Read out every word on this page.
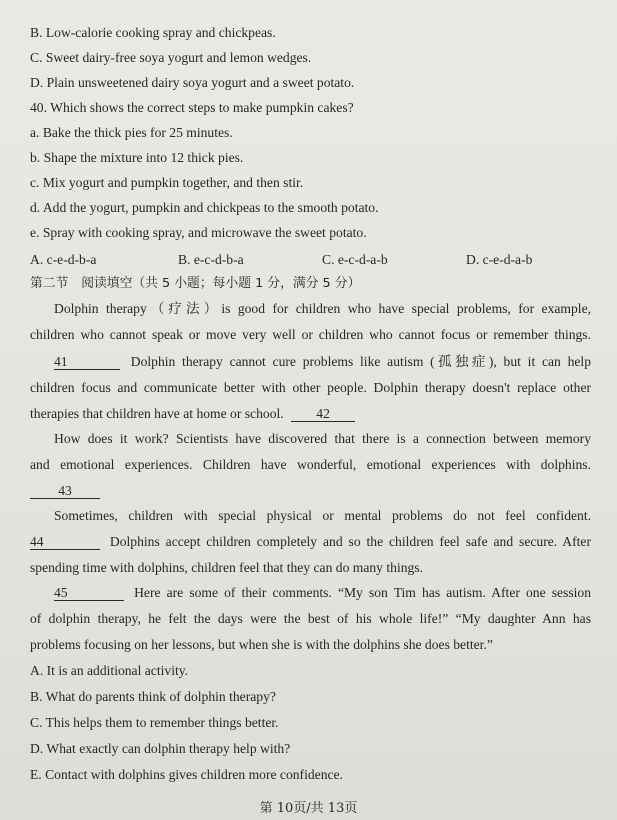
B. Low-calorie cooking spray and chickpeas.
C. Sweet dairy-free soya yogurt and lemon wedges.
D. Plain unsweetened dairy soya yogurt and a sweet potato.
40. Which shows the correct steps to make pumpkin cakes?
a. Bake the thick pies for 25 minutes.
b. Shape the mixture into 12 thick pies.
c. Mix yogurt and pumpkin together, and then stir.
d. Add the yogurt, pumpkin and chickpeas to the smooth potato.
e. Spray with cooking spray, and microwave the sweet potato.
A. c-e-d-b-a	B. e-c-d-b-a	C. e-c-d-a-b	D. c-e-d-a-b
第二节　阅读填空（共 5 小题；每小题 1 分，满分 5 分）
Dolphin therapy（疗法）is good for children who have special problems, for example,
children who cannot speak or move very well or children who cannot focus or remember things.
41	Dolphin therapy cannot cure problems like autism (孤独症), but it can help
children focus and communicate better with other people. Dolphin therapy doesn't replace other
therapies that children have at home or school. 42
How does it work? Scientists have discovered that there is a connection between memory
and emotional experiences. Children have wonderful, emotional experiences with dolphins.
43
Sometimes, children with special physical or mental problems do not feel confident.
44	Dolphins accept children completely and so the children feel safe and secure. After
spending time with dolphins, children feel that they can do many things.
45	Here are some of their comments. “My son Tim has autism. After one session
of dolphin therapy, he felt the days were the best of his whole life!” “My daughter Ann has
problems focusing on her lessons, but when she is with the dolphins she does better.”
A. It is an additional activity.
B. What do parents think of dolphin therapy?
C. This helps them to remember things better.
D. What exactly can dolphin therapy help with?
E. Contact with dolphins gives children more confidence.
第 10页/共 13页
